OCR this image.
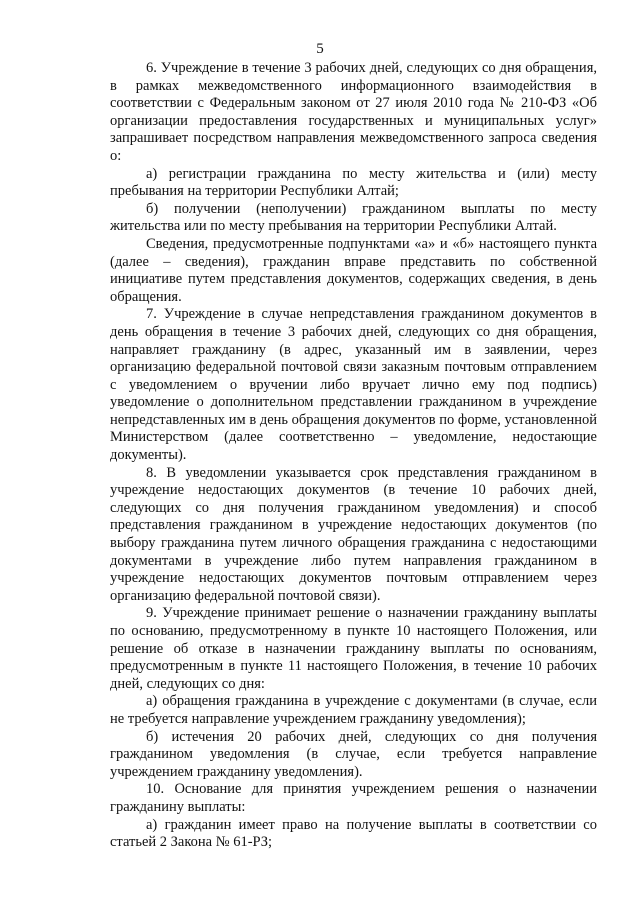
5

6. Учреждение в течение 3 рабочих дней, следующих со дня обращения, в рамках межведомственного информационного взаимодействия в соответствии с Федеральным законом от 27 июля 2010 года № 210-ФЗ «Об организации предоставления государственных и муниципальных услуг» запрашивает посредством направления межведомственного запроса сведения о:

а) регистрации гражданина по месту жительства и (или) месту пребывания на территории Республики Алтай;

б) получении (неполучении) гражданином выплаты по месту жительства или по месту пребывания на территории Республики Алтай.

Сведения, предусмотренные подпунктами «а» и «б» настоящего пункта (далее – сведения), гражданин вправе представить по собственной инициативе путем представления документов, содержащих сведения, в день обращения.

7. Учреждение в случае непредставления гражданином документов в день обращения в течение 3 рабочих дней, следующих со дня обращения, направляет гражданину (в адрес, указанный им в заявлении, через организацию федеральной почтовой связи заказным почтовым отправлением с уведомлением о вручении либо вручает лично ему под подпись) уведомление о дополнительном представлении гражданином в учреждение непредставленных им в день обращения документов по форме, установленной Министерством (далее соответственно – уведомление, недостающие документы).

8. В уведомлении указывается срок представления гражданином в учреждение недостающих документов (в течение 10 рабочих дней, следующих со дня получения гражданином уведомления) и способ представления гражданином в учреждение недостающих документов (по выбору гражданина путем личного обращения гражданина с недостающими документами в учреждение либо путем направления гражданином в учреждение недостающих документов почтовым отправлением через организацию федеральной почтовой связи).

9. Учреждение принимает решение о назначении гражданину выплаты по основанию, предусмотренному в пункте 10 настоящего Положения, или решение об отказе в назначении гражданину выплаты по основаниям, предусмотренным в пункте 11 настоящего Положения, в течение 10 рабочих дней, следующих со дня:

а) обращения гражданина в учреждение с документами (в случае, если не требуется направление учреждением гражданину уведомления);

б) истечения 20 рабочих дней, следующих со дня получения гражданином уведомления (в случае, если требуется направление учреждением гражданину уведомления).

10. Основание для принятия учреждением решения о назначении гражданину выплаты:

а) гражданин имеет право на получение выплаты в соответствии со статьей 2 Закона № 61-РЗ;
